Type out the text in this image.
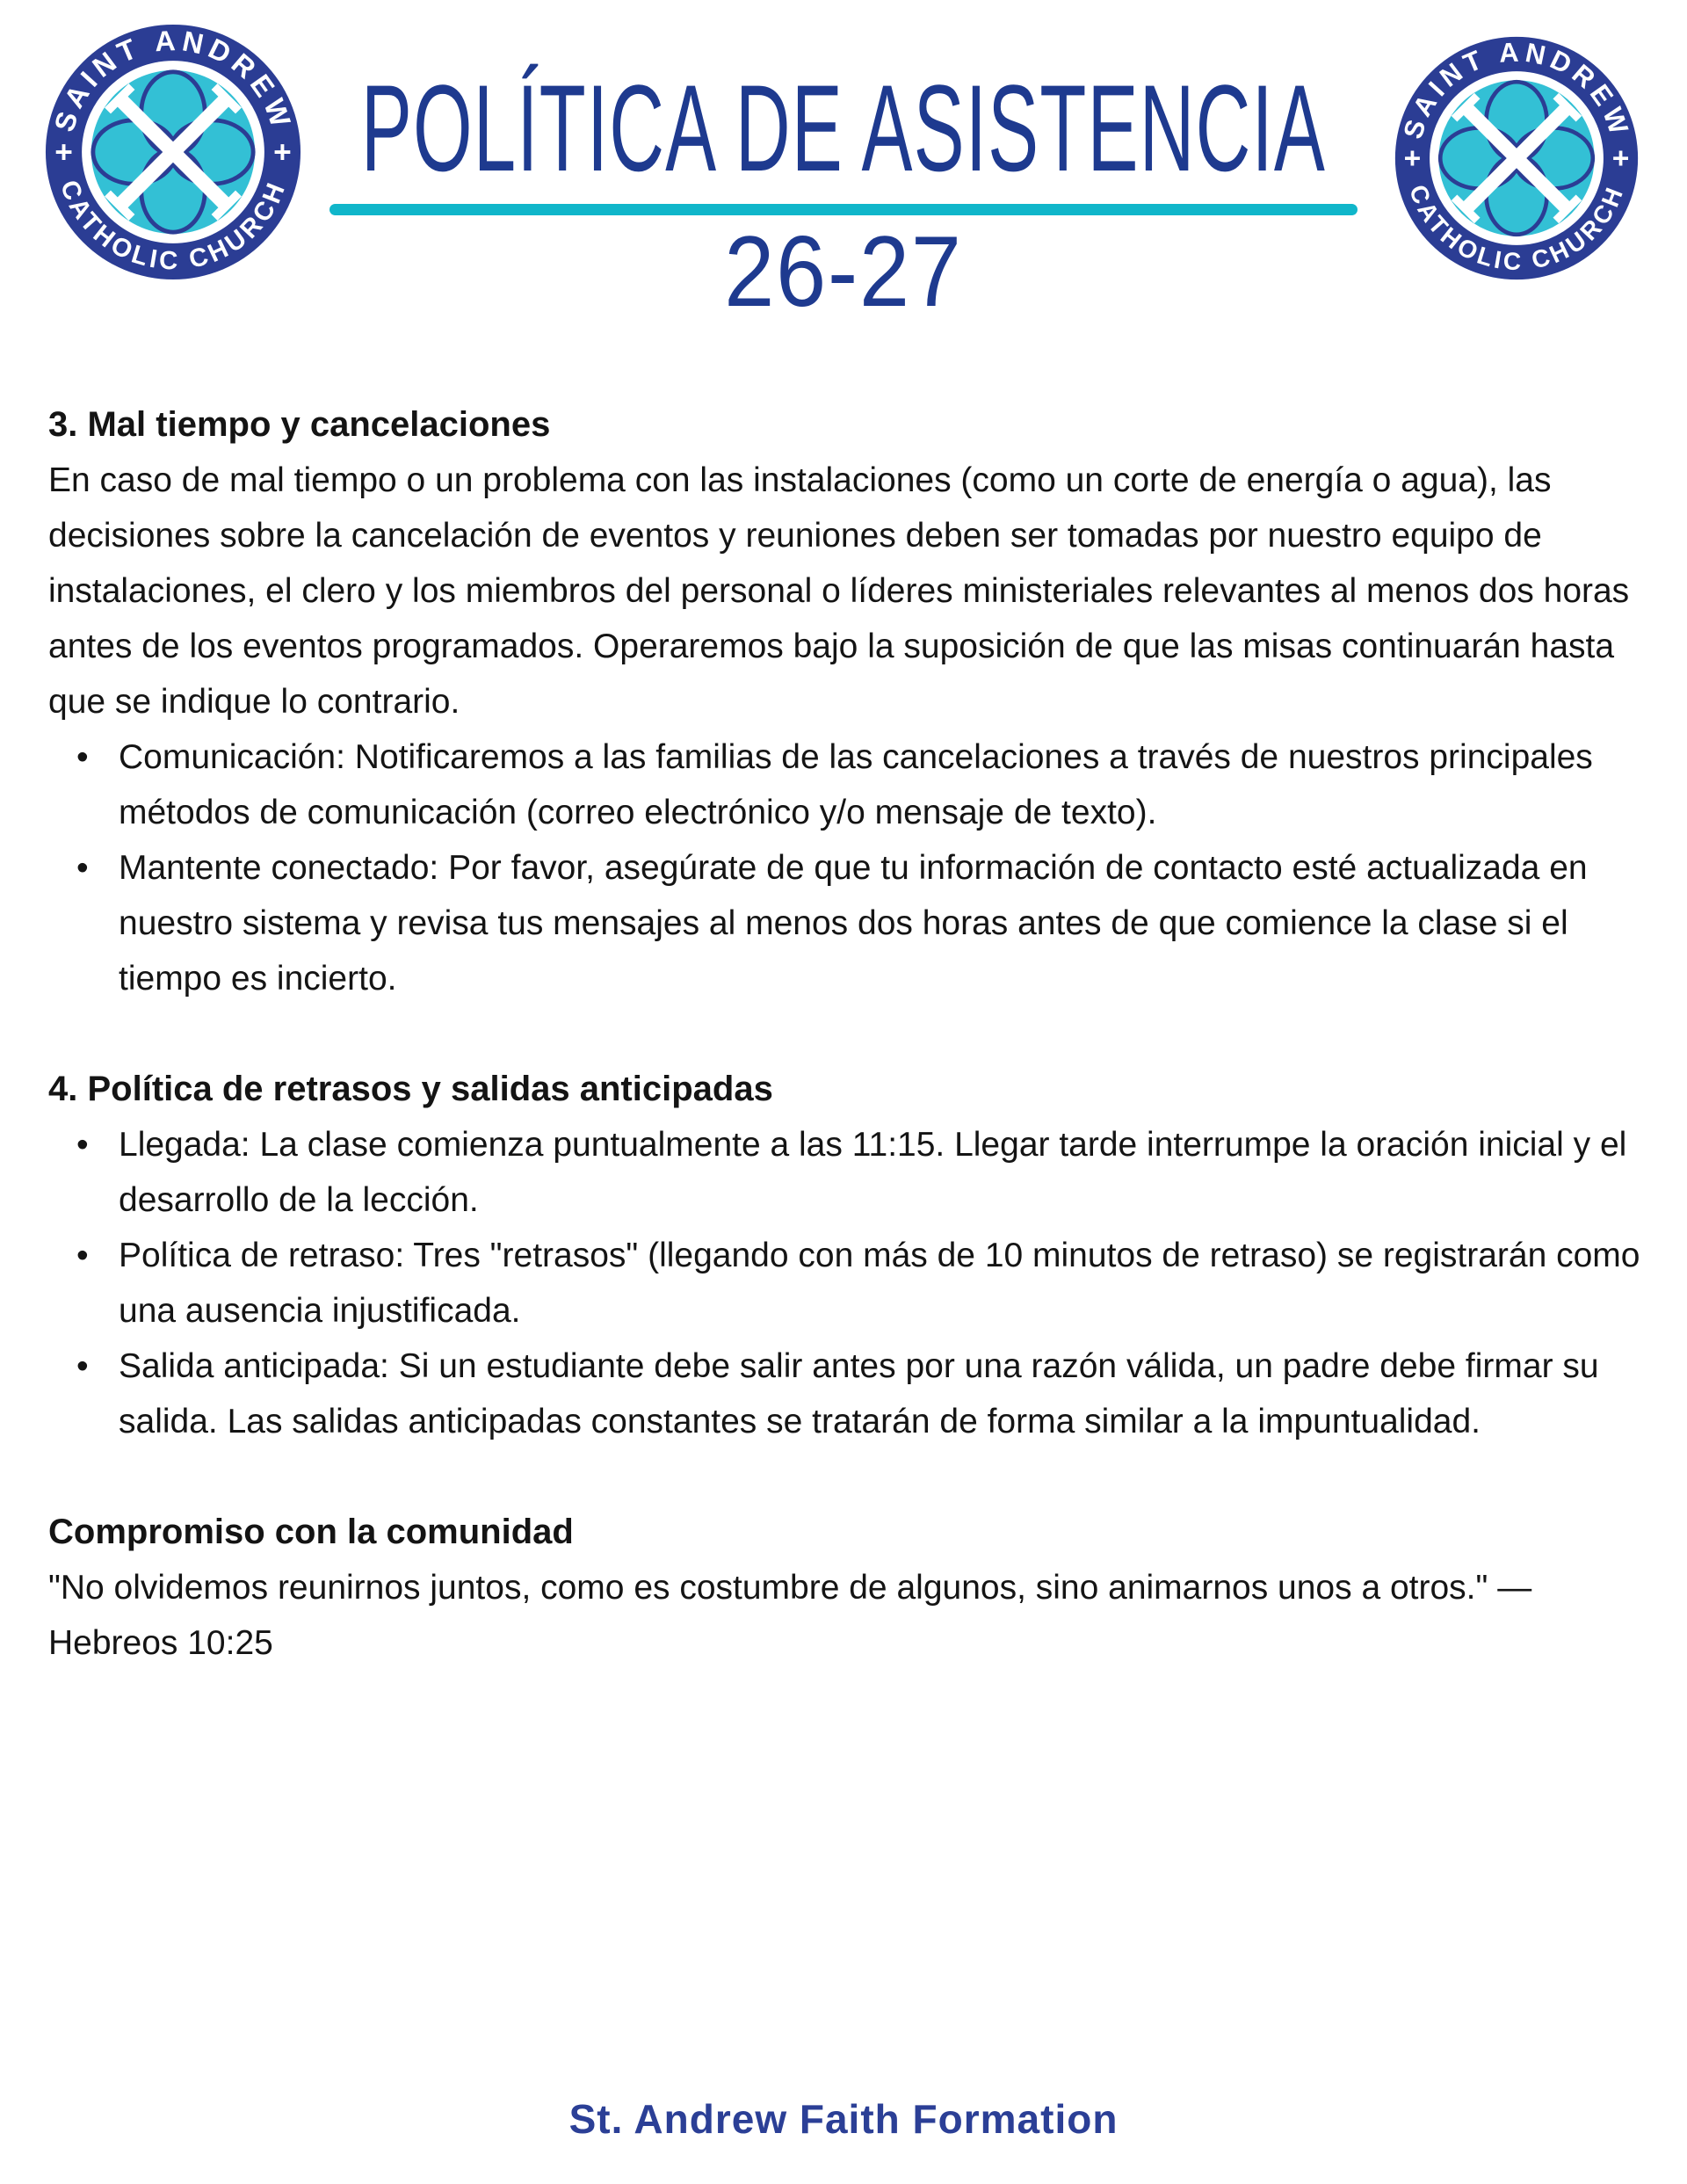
POLÍTICA DE ASISTENCIA
26-27
3. Mal tiempo y cancelaciones

En caso de mal tiempo o un problema con las instalaciones (como un corte de energía o agua), las decisiones sobre la cancelación de eventos y reuniones deben ser tomadas por nuestro equipo de instalaciones, el clero y los miembros del personal o líderes ministeriales relevantes al menos dos horas antes de los eventos programados. Operaremos bajo la suposición de que las misas continuarán hasta que se indique lo contrario.

• Comunicación: Notificaremos a las familias de las cancelaciones a través de nuestros principales métodos de comunicación (correo electrónico y/o mensaje de texto).
• Mantente conectado: Por favor, asegúrate de que tu información de contacto esté actualizada en nuestro sistema y revisa tus mensajes al menos dos horas antes de que comience la clase si el tiempo es incierto.
4. Política de retrasos y salidas anticipadas
• Llegada: La clase comienza puntualmente a las 11:15. Llegar tarde interrumpe la oración inicial y el desarrollo de la lección.
• Política de retraso: Tres "retrasos" (llegando con más de 10 minutos de retraso) se registrarán como una ausencia injustificada.
• Salida anticipada: Si un estudiante debe salir antes por una razón válida, un padre debe firmar su salida. Las salidas anticipadas constantes se tratarán de forma similar a la impuntualidad.
Compromiso con la comunidad

"No olvidemos reunirnos juntos, como es costumbre de algunos, sino animarnos unos a otros." — Hebreos 10:25

St. Andrew Faith Formation
